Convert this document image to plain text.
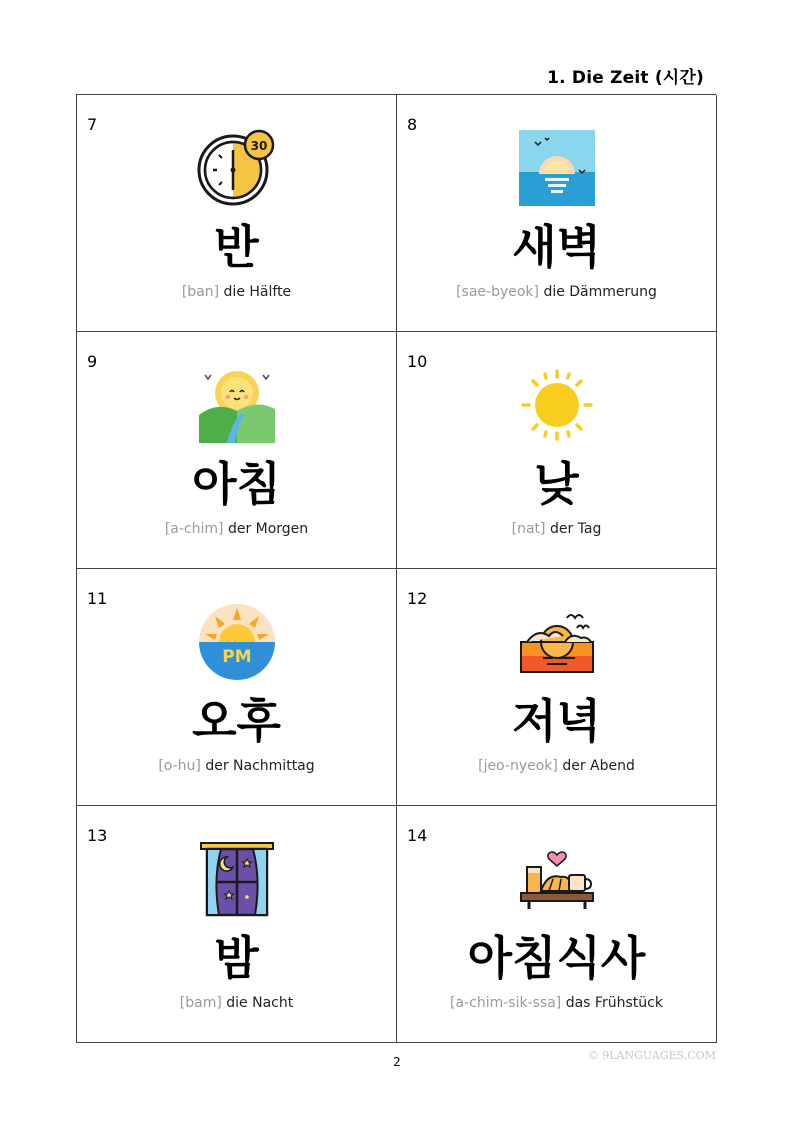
1. Die Zeit (시간)
7
30
반
[ban] die Hälfte
8
새벽
[sae-byeok] die Dämmerung
9
아침
[a-chim] der Morgen
10
낮
[nat] der Tag
11
PM
오후
[o-hu] der Nachmittag
12
저녁
[jeo-nyeok] der Abend
13
밤
[bam] die Nacht
14
아침식사
[a-chim-sik-ssa] das Frühstück
2	© 9LANGUAGES.COM
